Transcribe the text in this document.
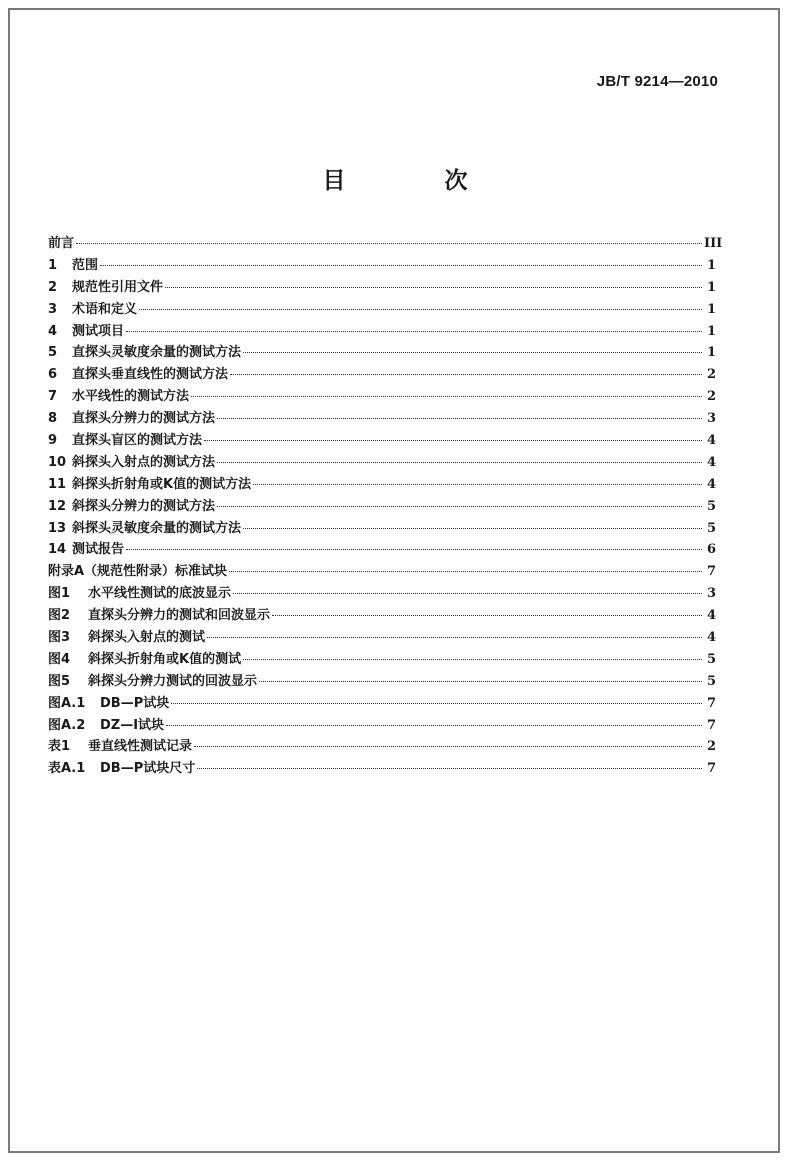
JB/T 9214—2010
目　次
前言	III
1	范围	1
2	规范性引用文件	1
3	术语和定义	1
4	测试项目	1
5	直探头灵敏度余量的测试方法	1
6	直探头垂直线性的测试方法	2
7	水平线性的测试方法	2
8	直探头分辨力的测试方法	3
9	直探头盲区的测试方法	4
10 斜探头入射点的测试方法	4
11 斜探头折射角或K值的测试方法	4
12 斜探头分辨力的测试方法	5
13 斜探头灵敏度余量的测试方法	5
14 测试报告	6
附录A（规范性附录）标准试块	7
图1	水平线性测试的底波显示	3
图2	直探头分辨力的测试和回波显示	4
图3	斜探头入射点的测试	4
图4	斜探头折射角或K值的测试	5
图5	斜探头分辨力测试的回波显示	5
图A.1	DB—P试块	7
图A.2	DZ—I试块	7
表1	垂直线性测试记录	2
表A.1	DB—P试块尺寸	7
